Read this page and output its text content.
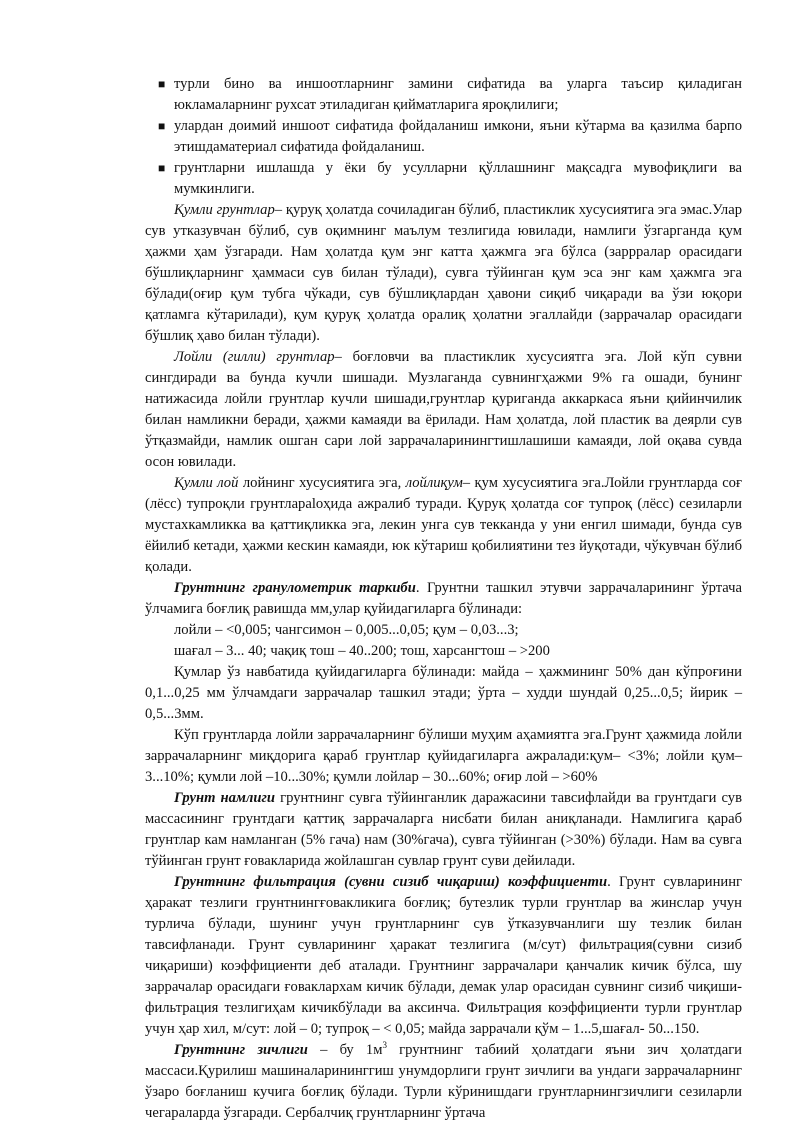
■ турли бино ва иншоотларнинг замини сифатида ва уларга таъсир қиладиган юкламаларнинг рухсат этиладиган қийматларига яроқлилиги;
■ улардан доимий иншоот сифатида фойдаланиш имкони, яъни кўтарма ва қазилма барпо этишдаматериал сифатида фойдаланиш.
■ грунтларни ишлашда у ёки бу усулларни қўллашнинг мақсадга мувофиқлиги ва мумкинлиги.

Қумли грунтлар– қуруқ ҳолатда сочиладиган бўлиб, пластиклик хусусиятига эга эмас.Улар сув утказувчан бўлиб, сув оқимнинг маълум тезлигида ювилади, намлиги ўзгарганда қум ҳажми ҳам ўзгаради. Нам ҳолатда қум энг катта ҳажмга эга бўлса (заррралар орасидаги бўшлиқларнинг ҳаммаси сув билан тўлади), сувга тўйинган қум эса энг кам ҳажмга эга бўлади(оғир қум тубга чўкади, сув бўшлиқлардан ҳавони сиқиб чиқаради ва ўзи юқори қатламга кўтарилади), қум қуруқ ҳолатда оралиқ ҳолатни эгаллайди (заррачалар орасидаги бўшлиқ ҳаво билан тўлади).

Лойли (гилли) грунтлар– боғловчи ва пластиклик хусусиятга эга. Лой кўп сувни сингдиради ва бунда кучли шишади. Музлаганда сувнингҳажми 9% га ошади, бунинг натижасида лойли грунтлар кучли шишади,грунтлар қуриганда аккаркаса яъни қийинчилик билан намликни беради, ҳажми камаяди ва ёрилади. Нам ҳолатда, лой пластик ва деярли сув ўтқазмайди, намлик ошган сари лой заррачаларинингтишлашиши камаяди, лой оқава сувда осон ювилади.

Қумли лой лойнинг хусусиятига эга, лойлиқум– қум хусусиятига эга.Лойли грунтларда соғ (лёсс) тупроқли грунтлараloҳида ажралиб туради. Қуруқ ҳолатда соғ тупроқ (лёсс) сезиларли мустахкамликка ва қаттиқликка эга, лекин унга сув текканда у уни енгил шимади, бунда сув ёйилиб кетади, ҳажми кескин камаяди, юк кўтариш қобилиятини тез йуқотади, чўкувчан бўлиб қолади.

Грунтнинг гранулометрик таркиби. Грунтни ташкил этувчи заррачаларининг ўртача ўлчамига боғлиқ равишда мм,улар қуйидагиларга бўлинади:

лойли – <0,005; чангсимон – 0,005...0,05; қум – 0,03...3;

шағал – 3... 40; чақиқ тош – 40..200; тош, харсангтош – >200

Қумлар ўз навбатида қуйидагиларга бўлинади: майда – ҳажмининг 50% дан кўпроғини 0,1...0,25 мм ўлчамдаги заррачалар ташкил этади; ўрта – худди шундай 0,25...0,5; йирик – 0,5...3мм.

Кўп грунтларда лойли заррачаларнинг бўлиши муҳим аҳамиятга эга.Грунт ҳажмида лойли заррачаларнинг миқдорига қараб грунтлар қуйидагиларга ажралади:қум– <3%; лойли қум– 3...10%; қумли лой –10...30%; қумли лойлар – 30...60%; оғир лой – >60%

Грунт намлиги грунтнинг сувга тўйинганлик даражасини тавсифлайди ва грунтдаги сув массасининг грунтдаги қаттиқ заррачаларга нисбати билан аниқланади. Намлигига қараб грунтлар кам намланган (5% гача) нам (30%гача), сувга тўйинган (>30%) бўлади. Нам ва сувга тўйинган грунт ғовакларида жойлашган сувлар грунт суви дейилади.

Грунтнинг фильтрация (сувни сизиб чиқариш) коэффициенти. Грунт сувларининг ҳаракат тезлиги грунтнингғовакликига боғлиқ; бутезлик турли грунтлар ва жинслар учун турлича бўлади, шунинг учун грунтларнинг сув ўтказувчанлиги шу тезлик билан тавсифланади. Грунт сувларининг ҳаракат тезлигига (м/сут) фильтрация(сувни сизиб чиқариши) коэффициенти деб аталади. Грунтнинг заррачалари қанчалик кичик бўлса, шу заррачалар орасидаги ғоваклархам кичик бўлади, демак улар орасидан сувнинг сизиб чиқиши-фильтрация тезлигиҳам кичикбўлади ва аксинча. Фильтрация коэффициенти турли грунтлар учун ҳар хил, м/сут: лой – 0; тупроқ – < 0,05; майда заррачали қўм – 1...5,шағал- 50...150.

Грунтнинг зичлиги – бу $1м^3$ грунтнинг табиий ҳолатдаги яъни зич ҳолатдаги массаси.Қурилиш машиналарининггиш унумдорлиги грунт зичлиги ва ундаги заррачаларнинг ўзаро боғланиш кучига боғлиқ бўлади. Турли кўринишдаги грунтларнингзичлиги сезиларли чегараларда ўзгаради. Сербалчиқ грунтларнинг ўртача
